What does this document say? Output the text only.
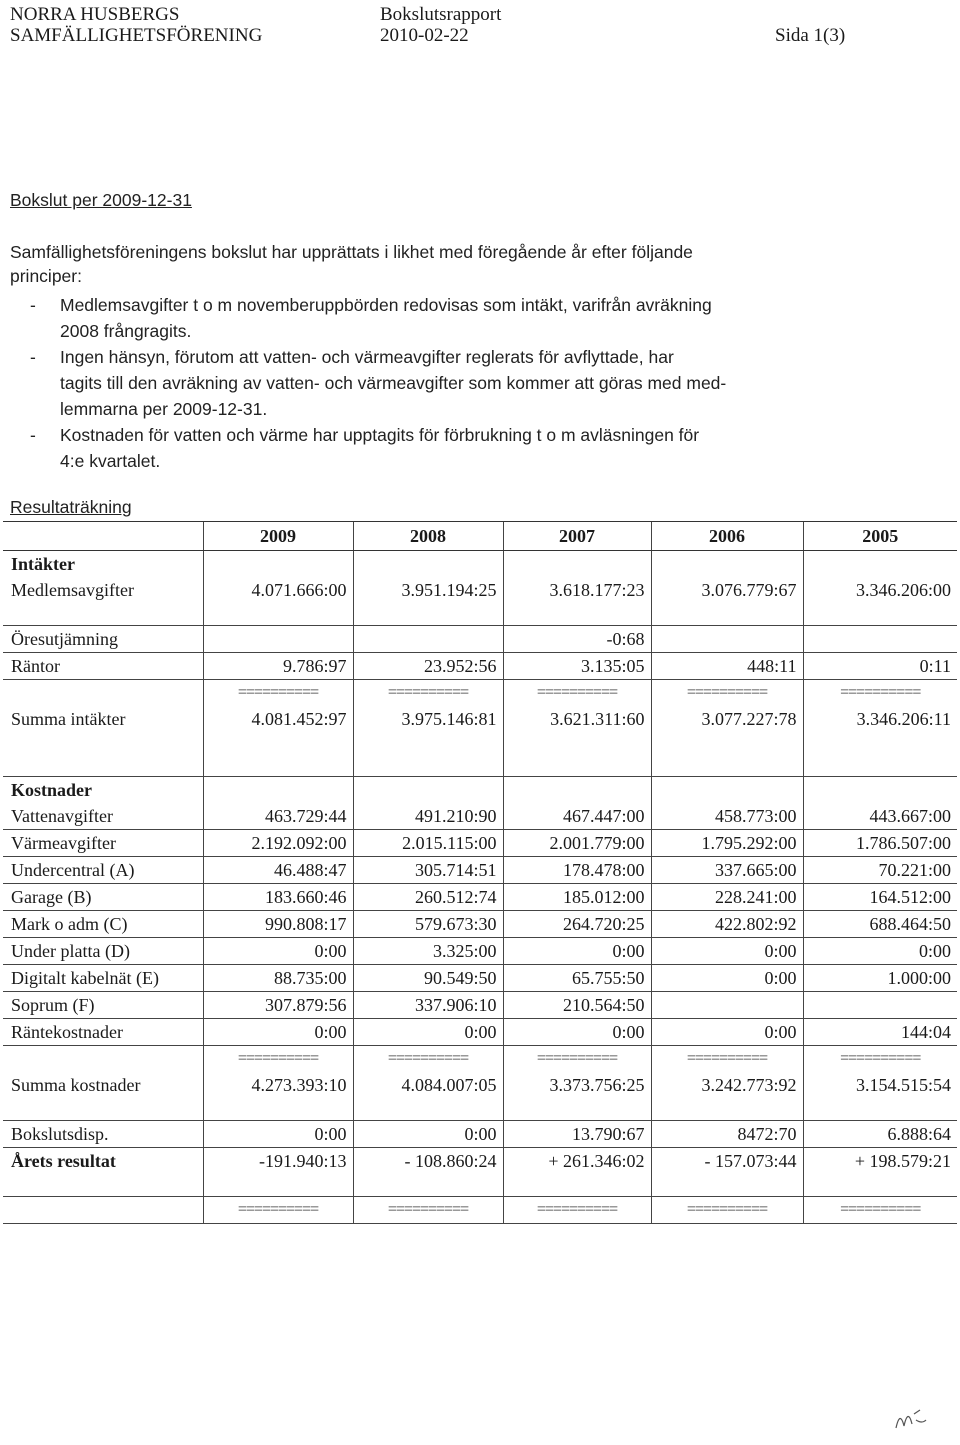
NORRA HUSBERGS
SAMFÄLLIGHETSFÖRENING
Bokslutsrapport
2010-02-22	Sida 1(3)
Bokslut per 2009-12-31
Samfällighetsföreningens bokslut har upprättats i likhet med föregående år efter följande
principer:
- Medlemsavgifter t o m novemberuppbörden redovisas som intäkt, varifrån avräkning
2008 frångragits.
- Ingen hänsyn, förutom att vatten- och värmeavgifter reglerats för avflyttade, har
tagits till den avräkning av vatten- och värmeavgifter som kommer att göras med med-
lemmarna per 2009-12-31.
- Kostnaden för vatten och värme har upptagits för förbrukning t o m avläsningen för
4:e kvartalet.
Resultaträkning
	2009	2008	2007	2006	2005
Intäkter					
Medlemsavgifter	4.071.666:00	3.951.194:25	3.618.177:23	3.076.779:67	3.346.206:00

Öresutjämning			-0:68		
Räntor	9.786:97	23.952:56	3.135:05	448:11	0:11
	==========	==========	==========	==========	==========
Summa intäkter	4.081.452:97	3.975.146:81	3.621.311:60	3.077.227:78	3.346.206:11

Kostnader					
Vattenavgifter	463.729:44	491.210:90	467.447:00	458.773:00	443.667:00
Värmeavgifter	2.192.092:00	2.015.115:00	2.001.779:00	1.795.292:00	1.786.507:00
Undercentral (A)	46.488:47	305.714:51	178.478:00	337.665:00	70.221:00
Garage (B)	183.660:46	260.512:74	185.012:00	228.241:00	164.512:00
Mark o adm (C)	990.808:17	579.673:30	264.720:25	422.802:92	688.464:50
Under platta (D)	0:00	3.325:00	0:00	0:00	0:00
Digitalt kabelnät (E)	88.735:00	90.549:50	65.755:50	0:00	1.000:00
Soprum (F)	307.879:56	337.906:10	210.564:50		
Räntekostnader	0:00	0:00	0:00	0:00	144:04
	==========	==========	==========	==========	==========
Summa kostnader	4.273.393:10	4.084.007:05	3.373.756:25	3.242.773:92	3.154.515:54

Bokslutsdisp.	0:00	0:00	13.790:67	8472:70	6.888:64
Årets resultat	-191.940:13	- 108.860:24	+ 261.346:02	- 157.073:44	+ 198.579:21

	==========	==========	==========	==========	==========
